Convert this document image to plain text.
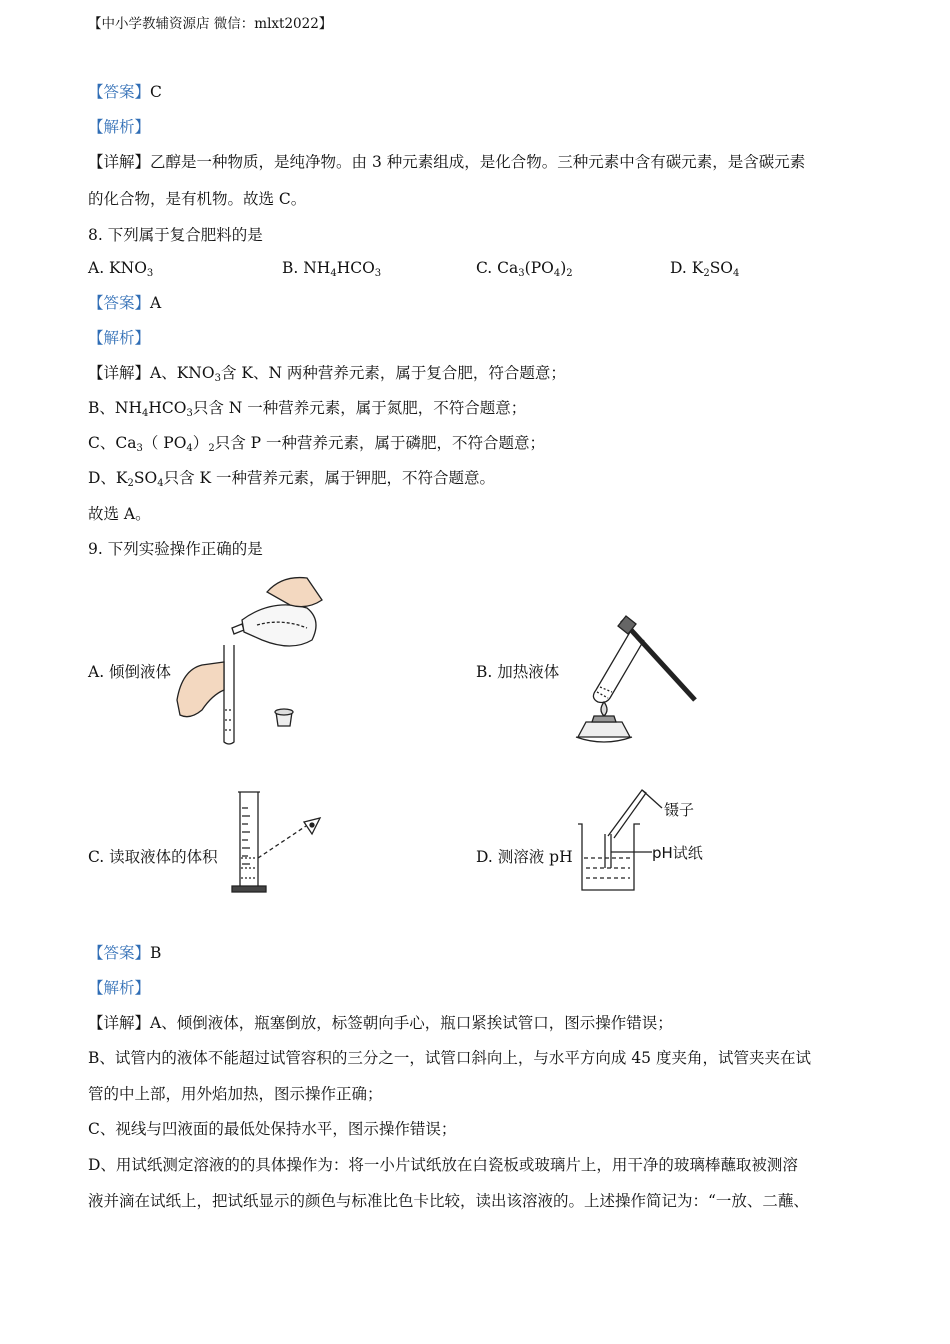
【中小学教辅资源店 微信：mlxt2022】
【答案】C
【解析】
【详解】乙醇是一种物质，是纯净物。由 3 种元素组成，是化合物。三种元素中含有碳元素，是含碳元素
的化合物，是有机物。故选 C。
8. 下列属于复合肥料的是
A. $KNO_3$	B. $NH_4HCO_3$	C. $Ca_3(PO_4)_2$	D. $K_2SO_4$
【答案】A
【解析】
【详解】A、$KNO_3$含 K、N 两种营养元素，属于复合肥，符合题意；
B、$NH_4HCO_3$只含 N 一种营养元素，属于氮肥，不符合题意；
C、$Ca_3$（ $PO_4)_2$只含 P 一种营养元素，属于磷肥，不符合题意；
D、$K_2SO_4$只含 K 一种营养元素，属于钾肥，不符合题意。
故选 A。
9. 下列实验操作正确的是
A. 倾倒液体	B. 加热液体
C. 读取液体的体积	D. 测溶液 pH
镊子
pH试纸
【答案】B
【解析】
【详解】A、倾倒液体，瓶塞倒放，标签朝向手心，瓶口紧挨试管口，图示操作错误；
B、试管内的液体不能超过试管容积的三分之一，试管口斜向上，与水平方向成 45 度夹角，试管夹夹在试
管的中上部，用外焰加热，图示操作正确；
C、视线与凹液面的最低处保持水平，图示操作错误；
D、用试纸测定溶液的的具体操作为：将一小片试纸放在白瓷板或玻璃片上，用干净的玻璃棒蘸取被测溶
液并滴在试纸上，把试纸显示的颜色与标准比色卡比较，读出该溶液的。上述操作简记为：“一放、二蘸、
